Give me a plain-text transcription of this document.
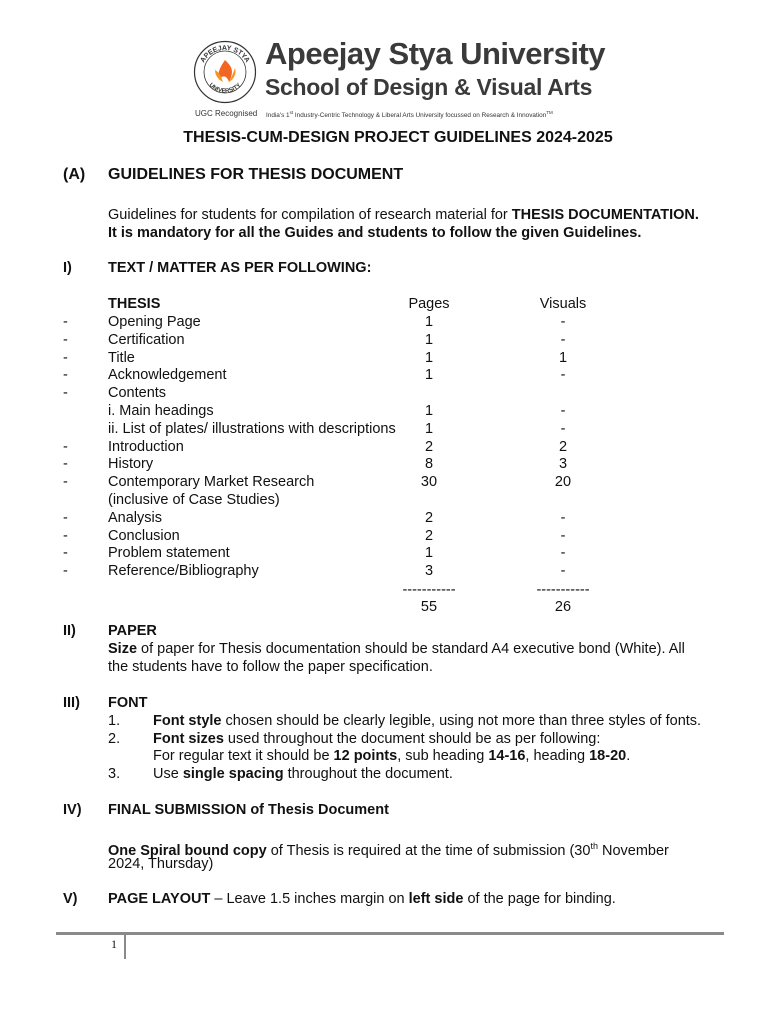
APEEJAY STYA
UNIVERSITY
Apeejay Stya University
School of Design & Visual Arts
UGC Recognised India's 1st Industry-Centric Technology & Liberal Arts University focussed on Research & Innovation™
THESIS-CUM-DESIGN PROJECT GUIDELINES 2024-2025
(A) GUIDELINES FOR THESIS DOCUMENT
Guidelines for students for compilation of research material for THESIS DOCUMENTATION.
It is mandatory for all the Guides and students to follow the given Guidelines.
I) TEXT / MATTER AS PER FOLLOWING:
THESIS	Pages	Visuals
-	Opening Page	1	-
-	Certification	1	-
-	Title	1	1
-	Acknowledgement	1	-
-	Contents
i. Main headings	1	-
ii. List of plates/ illustrations with descriptions	1	-
-	Introduction	2	2
-	History	8	3
-	Contemporary Market Research	30	20
(inclusive of Case Studies)
-	Analysis	2	-
-	Conclusion	2	-
-	Problem statement	1	-
-	Reference/Bibliography	3	-
-----------	-----------
55	26
II) PAPER
Size of paper for Thesis documentation should be standard A4 executive bond (White). All
the students have to follow the paper specification.
III) FONT
1. Font style chosen should be clearly legible, using not more than three styles of fonts.
2. Font sizes used throughout the document should be as per following:
For regular text it should be 12 points, sub heading 14-16, heading 18-20.
3. Use single spacing throughout the document.
IV) FINAL SUBMISSION of Thesis Document
One Spiral bound copy of Thesis is required at the time of submission (30th November
2024, Thursday)
V) PAGE LAYOUT – Leave 1.5 inches margin on left side of the page for binding.
1
